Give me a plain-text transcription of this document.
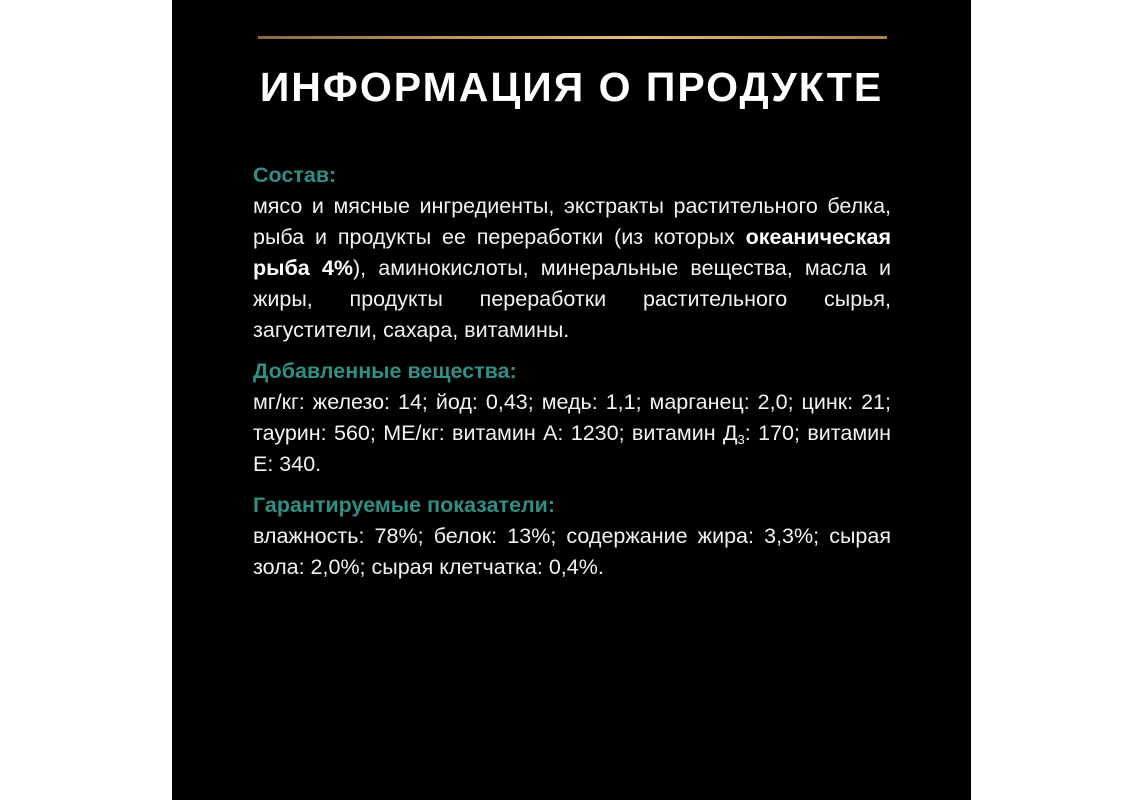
ИНФОРМАЦИЯ О ПРОДУКТЕ
Состав:
мясо и мясные ингредиенты, экстракты растительного белка, рыба и продукты ее переработки (из которых океаническая рыба 4%), аминокислоты, минеральные вещества, масла и жиры, продукты переработки растительного сырья, загустители, сахара, витамины.
Добавленные вещества:
мг/кг: железо: 14; йод: 0,43; медь: 1,1; марганец: 2,0; цинк: 21; таурин: 560; МЕ/кг: витамин А: 1230; витамин $Д_3$: 170; витамин Е: 340.
Гарантируемые показатели:
влажность: 78%; белок: 13%; содержание жира: 3,3%; сырая зола: 2,0%; сырая клетчатка: 0,4%.
